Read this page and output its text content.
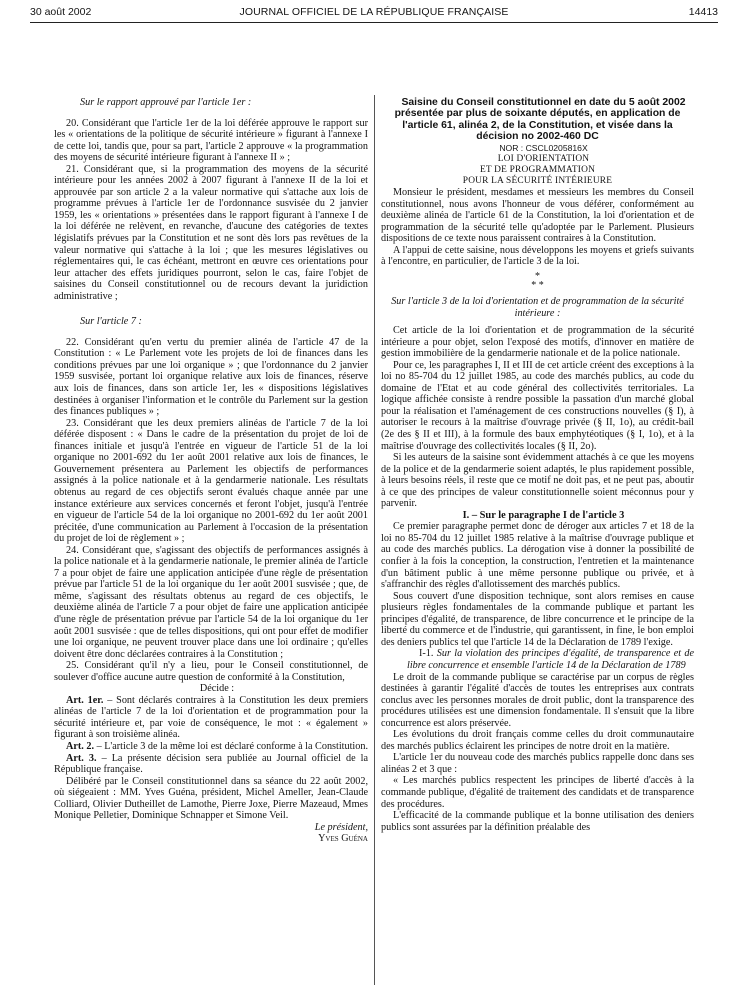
30 août 2002	JOURNAL OFFICIEL DE LA RÉPUBLIQUE FRANÇAISE	14413

Sur le rapport approuvé par l'article 1er :

20. Considérant que l'article 1er de la loi déférée approuve le rapport sur les « orientations de la politique de sécurité intérieure » figurant à l'annexe I de cette loi, tandis que, pour sa part, l'article 2 approuve « la programmation des moyens de sécurité intérieure figurant à l'annexe II » ;

21. Considérant que, si la programmation des moyens de la sécurité intérieure pour les années 2002 à 2007 figurant à l'annexe II de la loi et approuvée par son article 2 a la valeur normative qui s'attache aux lois de programme prévues à l'article 1er de l'ordonnance susvisée du 2 janvier 1959, les « orientations » présentées dans le rapport figurant à l'annexe I de la loi déférée ne relèvent, en revanche, d'aucune des catégories de textes législatifs prévues par la Constitution et ne sont dès lors pas revêtues de la valeur normative qui s'attache à la loi ; que les mesures législatives ou réglementaires qui, le cas échéant, mettront en œuvre ces orientations pour leur attacher des effets juridiques pourront, selon le cas, faire l'objet de saisines du Conseil constitutionnel ou de recours devant la juridiction administrative ;

Sur l'article 7 :

22. Considérant qu'en vertu du premier alinéa de l'article 47 de la Constitution : « Le Parlement vote les projets de loi de finances dans les conditions prévues par une loi organique » ; que l'ordonnance du 2 janvier 1959 susvisée, portant loi organique relative aux lois de finances, réserve aux lois de finances, dans son article 1er, les « dispositions législatives destinées à organiser l'information et le contrôle du Parlement sur la gestion des finances publiques » ;

23. Considérant que les deux premiers alinéas de l'article 7 de la loi déférée disposent : « Dans le cadre de la présentation du projet de loi de finances initiale et jusqu'à l'entrée en vigueur de l'article 51 de la loi organique no 2001-692 du 1er août 2001 relative aux lois de finances, le Gouvernement présentera au Parlement les objectifs de performances assignés à la police nationale et à la gendarmerie nationale. Les résultats obtenus au regard de ces objectifs seront évalués chaque année par une instance extérieure aux services concernés et feront l'objet, jusqu'à l'entrée en vigueur de l'article 54 de la loi organique no 2001-692 du 1er août 2001 précitée, d'une communication au Parlement à l'occasion de la présentation du projet de loi de règlement » ;

24. Considérant que, s'agissant des objectifs de performances assignés à la police nationale et à la gendarmerie nationale, le premier alinéa de l'article 7 a pour objet de faire une application anticipée d'une règle de présentation prévue par l'article 51 de la loi organique du 1er août 2001 susvisée ; que, de même, s'agissant des résultats obtenus au regard de ces objectifs, le deuxième alinéa de l'article 7 a pour objet de faire une application anticipée d'une règle de présentation prévue par l'article 54 de la loi organique du 1er août 2001 susvisée : que de telles dispositions, qui ont pour effet de modifier une loi organique, ne peuvent trouver place dans une loi ordinaire ; qu'elles doivent être donc déclarées contraires à la Constitution ;

25. Considérant qu'il n'y a lieu, pour le Conseil constitutionnel, de soulever d'office aucune autre question de conformité à la Constitution,

Décide :

Art. 1er. – Sont déclarés contraires à la Constitution les deux premiers alinéas de l'article 7 de la loi d'orientation et de programmation pour la sécurité intérieure et, par voie de conséquence, le mot : « également » figurant à son troisième alinéa.

Art. 2. – L'article 3 de la même loi est déclaré conforme à la Constitution.

Art. 3. – La présente décision sera publiée au Journal officiel de la République française.

Délibéré par le Conseil constitutionnel dans sa séance du 22 août 2002, où siégeaient : MM. Yves Guéna, président, Michel Ameller, Jean-Claude Colliard, Olivier Dutheillet de Lamothe, Pierre Joxe, Pierre Mazeaud, Mmes Monique Pelletier, Dominique Schnapper et Simone Veil.

Le président,

Yves Guéna

Saisine du Conseil constitutionnel en date du 5 août 2002 présentée par plus de soixante députés, en application de l'article 61, alinéa 2, de la Constitution, et visée dans la décision no 2002-460 DC

NOR : CSCL0205816X

LOI D'ORIENTATION
ET DE PROGRAMMATION
POUR LA SÉCURITÉ INTÉRIEURE

Monsieur le président, mesdames et messieurs les membres du Conseil constitutionnel, nous avons l'honneur de vous déférer, conformément au deuxième alinéa de l'article 61 de la Constitution, la loi d'orientation et de programmation de la sécurité telle qu'adoptée par le Parlement. Plusieurs dispositions de ce texte nous paraissent contraires à la Constitution.

A l'appui de cette saisine, nous développons les moyens et griefs suivants à l'encontre, en particulier, de l'article 3 de la loi.

*
* *

Sur l'article 3 de la loi d'orientation et de programmation de la sécurité intérieure :

Cet article de la loi d'orientation et de programmation de la sécurité intérieure a pour objet, selon l'exposé des motifs, d'innover en matière de gestion immobilière de la gendarmerie nationale et de la police nationale.

Pour ce, les paragraphes I, II et III de cet article créent des exceptions à la loi no 85-704 du 12 juillet 1985, au code des marchés publics, au code du domaine de l'Etat et au code général des collectivités territoriales. La logique affichée consiste à rendre possible la passation d'un marché global pour la réalisation et l'aménagement de ces constructions nouvelles (§ I), à autoriser le recours à la maîtrise d'ouvrage privée (§ II, 1o), au crédit-bail (2e des § II et III), à la formule des baux emphytéotiques (§ I, 1o), et à la maîtrise d'ouvrage des collectivités locales (§ II, 2o).

Si les auteurs de la saisine sont évidemment attachés à ce que les moyens de la police et de la gendarmerie soient adaptés, le plus rapidement possible, à leurs besoins réels, il reste que ce motif ne doit pas, et ne peut pas, aboutir à ce que des principes de valeur constitutionnelle soient méconnus pour y parvenir.

I. – Sur le paragraphe I de l'article 3

Ce premier paragraphe permet donc de déroger aux articles 7 et 18 de la loi no 85-704 du 12 juillet 1985 relative à la maîtrise d'ouvrage publique et au code des marchés publics. La dérogation vise à donner la possibilité de confier à la fois la conception, la construction, l'entretien et la maintenance d'un bâtiment public à une même personne publique ou privée, et à s'affranchir des règles d'allotissement des marchés publics.

Sous couvert d'une disposition technique, sont alors remises en cause plusieurs règles fondamentales de la commande publique et partant les principes d'égalité, de transparence, de libre concurrence et le principe de la liberté du commerce et de l'industrie, qui garantissent, in fine, le bon emploi des deniers publics tel que l'article 14 de la Déclaration de 1789 l'exige.

I-1. Sur la violation des principes d'égalité, de transparence et de libre concurrence et ensemble l'article 14 de la Déclaration de 1789

Le droit de la commande publique se caractérise par un corpus de règles destinées à garantir l'égalité d'accès de toutes les entreprises aux contrats conclus avec les personnes morales de droit public, dont la transparence des procédures utilisées est une dimension fondamentale. Il s'ensuit que la libre concurrence est alors préservée.

Les évolutions du droit français comme celles du droit communautaire des marchés publics éclairent les principes de notre droit en la matière.

L'article 1er du nouveau code des marchés publics rappelle donc dans ses alinéas 2 et 3 que :

« Les marchés publics respectent les principes de liberté d'accès à la commande publique, d'égalité de traitement des candidats et de transparence des procédures.

L'efficacité de la commande publique et la bonne utilisation des deniers publics sont assurées par la définition préalable des
